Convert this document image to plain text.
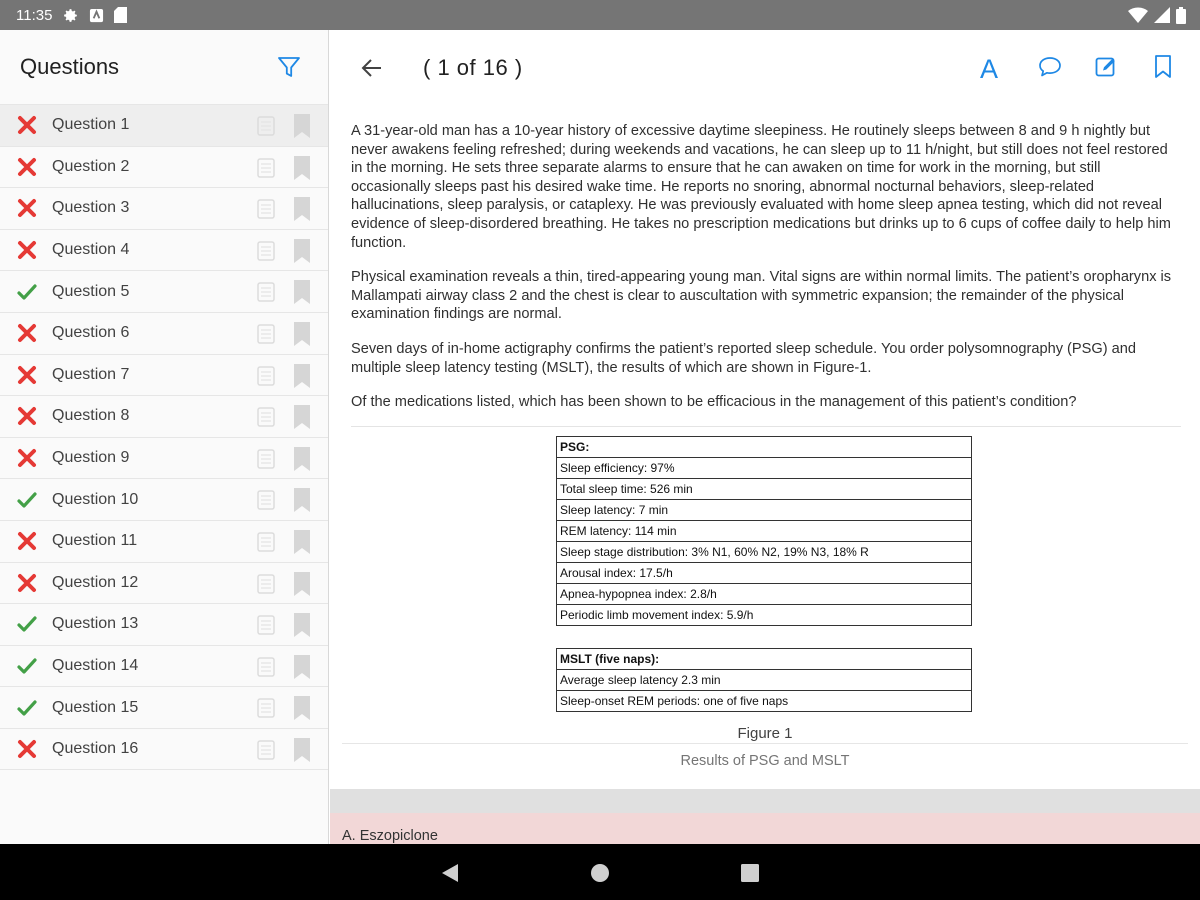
11:35
Questions
Question 1
Question 2
Question 3
Question 4
Question 5
Question 6
Question 7
Question 8
Question 9
Question 10
Question 11
Question 12
Question 13
Question 14
Question 15
Question 16
( 1 of 16 )	A

A 31-year-old man has a 10-year history of excessive daytime sleepiness. He routinely sleeps between 8 and 9 h nightly but never awakens feeling refreshed; during weekends and vacations, he can sleep up to 11 h/night, but still does not feel restored in the morning. He sets three separate alarms to ensure that he can awaken on time for work in the morning, but still occasionally sleeps past his desired wake time. He reports no snoring, abnormal nocturnal behaviors, sleep-related hallucinations, sleep paralysis, or cataplexy. He was previously evaluated with home sleep apnea testing, which did not reveal evidence of sleep-disordered breathing. He takes no prescription medications but drinks up to 6 cups of coffee daily to help him function.

Physical examination reveals a thin, tired-appearing young man. Vital signs are within normal limits. The patient’s oropharynx is Mallampati airway class 2 and the chest is clear to auscultation with symmetric expansion; the remainder of the physical examination findings are normal.

Seven days of in-home actigraphy confirms the patient’s reported sleep schedule. You order polysomnography (PSG) and multiple sleep latency testing (MSLT), the results of which are shown in Figure-1.

Of the medications listed, which has been shown to be efficacious in the management of this patient’s condition?

PSG:
Sleep efficiency: 97%
Total sleep time: 526 min
Sleep latency: 7 min
REM latency: 114 min
Sleep stage distribution: 3% N1, 60% N2, 19% N3, 18% R
Arousal index: 17.5/h
Apnea-hypopnea index: 2.8/h
Periodic limb movement index: 5.9/h
MSLT (five naps):
Average sleep latency 2.3 min
Sleep-onset REM periods: one of five naps
Figure 1
Results of PSG and MSLT
A. Eszopiclone
